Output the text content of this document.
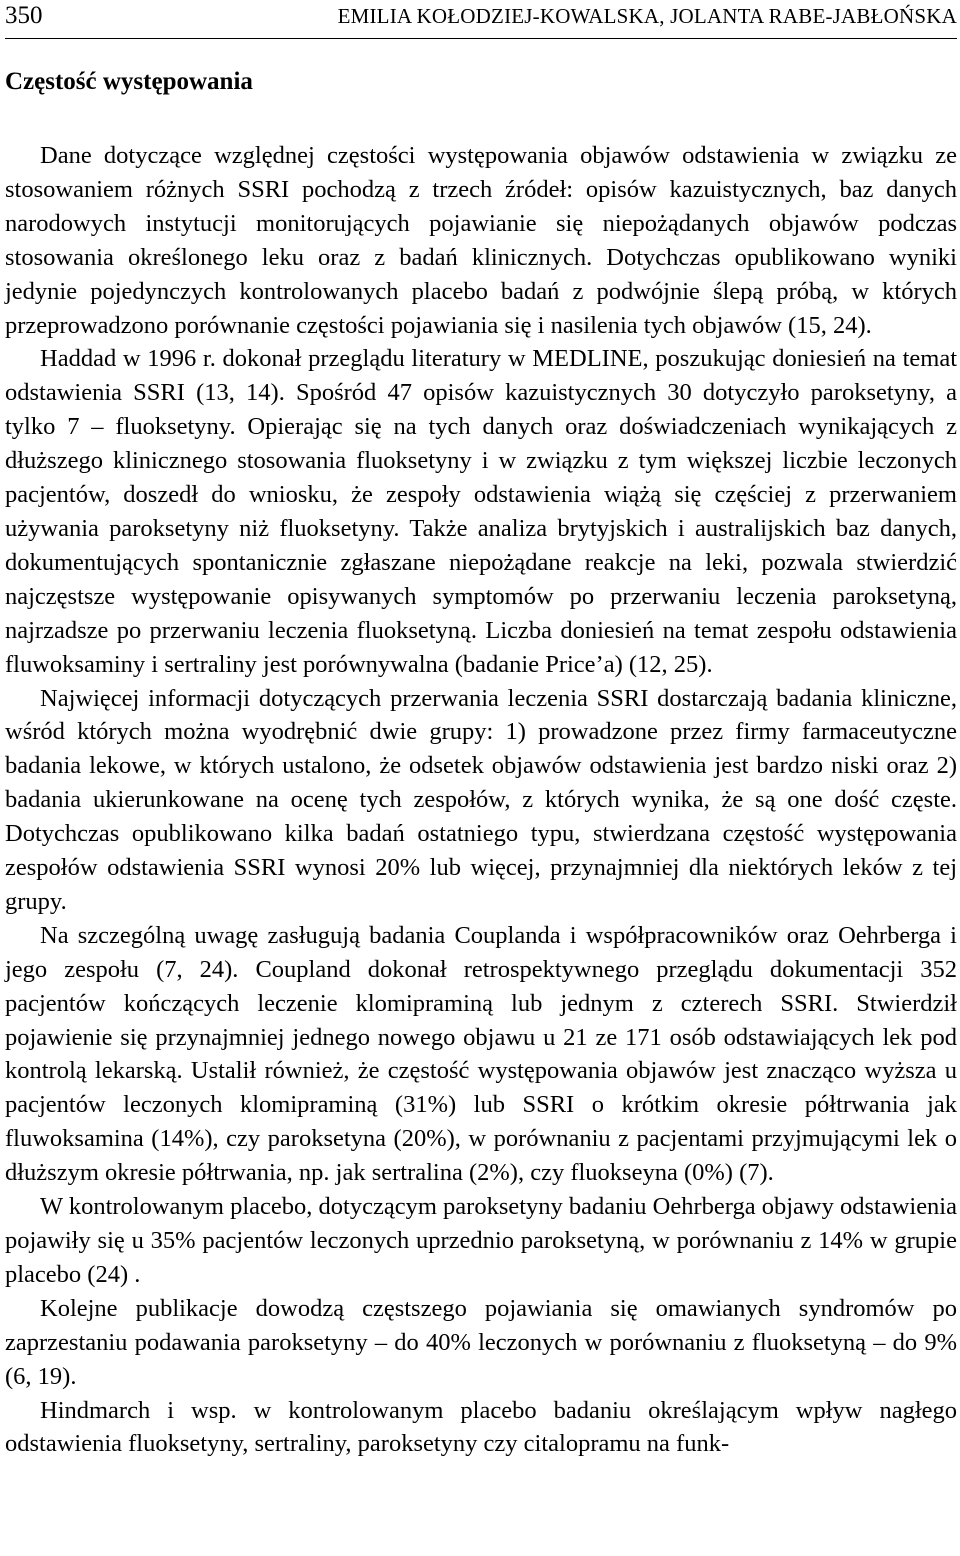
350	EMILIA KOŁODZIEJ-KOWALSKA, JOLANTA RABE-JABŁOŃSKA
Częstość występowania

Dane dotyczące względnej częstości występowania objawów odstawienia w związku ze stosowaniem różnych SSRI pochodzą z trzech źródeł: opisów kazuistycznych, baz danych narodowych instytucji monitorujących pojawianie się niepożądanych objawów podczas stosowania określonego leku oraz z badań klinicznych. Dotychczas opublikowano wyniki jedynie pojedynczych kontrolowanych placebo badań z podwójnie ślepą próbą, w których przeprowadzono porównanie częstości pojawiania się i nasilenia tych objawów (15, 24).

Haddad w 1996 r. dokonał przeglądu literatury w MEDLINE, poszukując doniesień na temat odstawienia SSRI (13, 14). Spośród 47 opisów kazuistycznych 30 dotyczyło paroksetyny, a tylko 7 – fluoksetyny. Opierając się na tych danych oraz doświadczeniach wynikających z dłuższego klinicznego stosowania fluoksetyny i w związku z tym większej liczbie leczonych pacjentów, doszedł do wniosku, że zespoły odstawienia wiążą się częściej z przerwaniem używania paroksetyny niż fluoksetyny. Także analiza brytyjskich i australijskich baz danych, dokumentujących spontanicznie zgłaszane niepożądane reakcje na leki, pozwala stwierdzić najczęstsze występowanie opisywanych symptomów po przerwaniu leczenia paroksetyną, najrzadsze po przerwaniu leczenia fluoksetyną. Liczba doniesień na temat zespołu odstawienia fluwoksaminy i sertraliny jest porównywalna (badanie Price’a) (12, 25).

Najwięcej informacji dotyczących przerwania leczenia SSRI dostarczają badania kliniczne, wśród których można wyodrębnić dwie grupy: 1) prowadzone przez firmy farmaceutyczne badania lekowe, w których ustalono, że odsetek objawów odstawienia jest bardzo niski oraz 2) badania ukierunkowane na ocenę tych zespołów, z których wynika, że są one dość częste. Dotychczas opublikowano kilka badań ostatniego typu, stwierdzana częstość występowania zespołów odstawienia SSRI wynosi 20% lub więcej, przynajmniej dla niektórych leków z tej grupy.

Na szczególną uwagę zasługują badania Couplanda i współpracowników oraz Oehrberga i jego zespołu (7, 24). Coupland dokonał retrospektywnego przeglądu dokumentacji 352 pacjentów kończących leczenie klomipraminą lub jednym z czterech SSRI. Stwierdził pojawienie się przynajmniej jednego nowego objawu u 21 ze 171 osób odstawiających lek pod kontrolą lekarską. Ustalił również, że częstość występowania objawów jest znacząco wyższa u pacjentów leczonych klomipraminą (31%) lub SSRI o krótkim okresie półtrwania jak fluwoksamina (14%), czy paroksetyna (20%), w porównaniu z pacjentami przyjmującymi lek o dłuższym okresie półtrwania, np. jak sertralina (2%), czy fluokseyna (0%) (7).

W kontrolowanym placebo, dotyczącym paroksetyny badaniu Oehrberga objawy odstawienia pojawiły się u 35% pacjentów leczonych uprzednio paroksetyną, w porównaniu z 14% w grupie placebo (24) .

Kolejne publikacje dowodzą częstszego pojawiania się omawianych syndromów po zaprzestaniu podawania paroksetyny – do 40% leczonych w porównaniu z fluoksetyną – do 9% (6, 19).

Hindmarch i wsp. w kontrolowanym placebo badaniu określającym wpływ nagłego odstawienia fluoksetyny, sertraliny, paroksetyny czy citalopramu na funk-
